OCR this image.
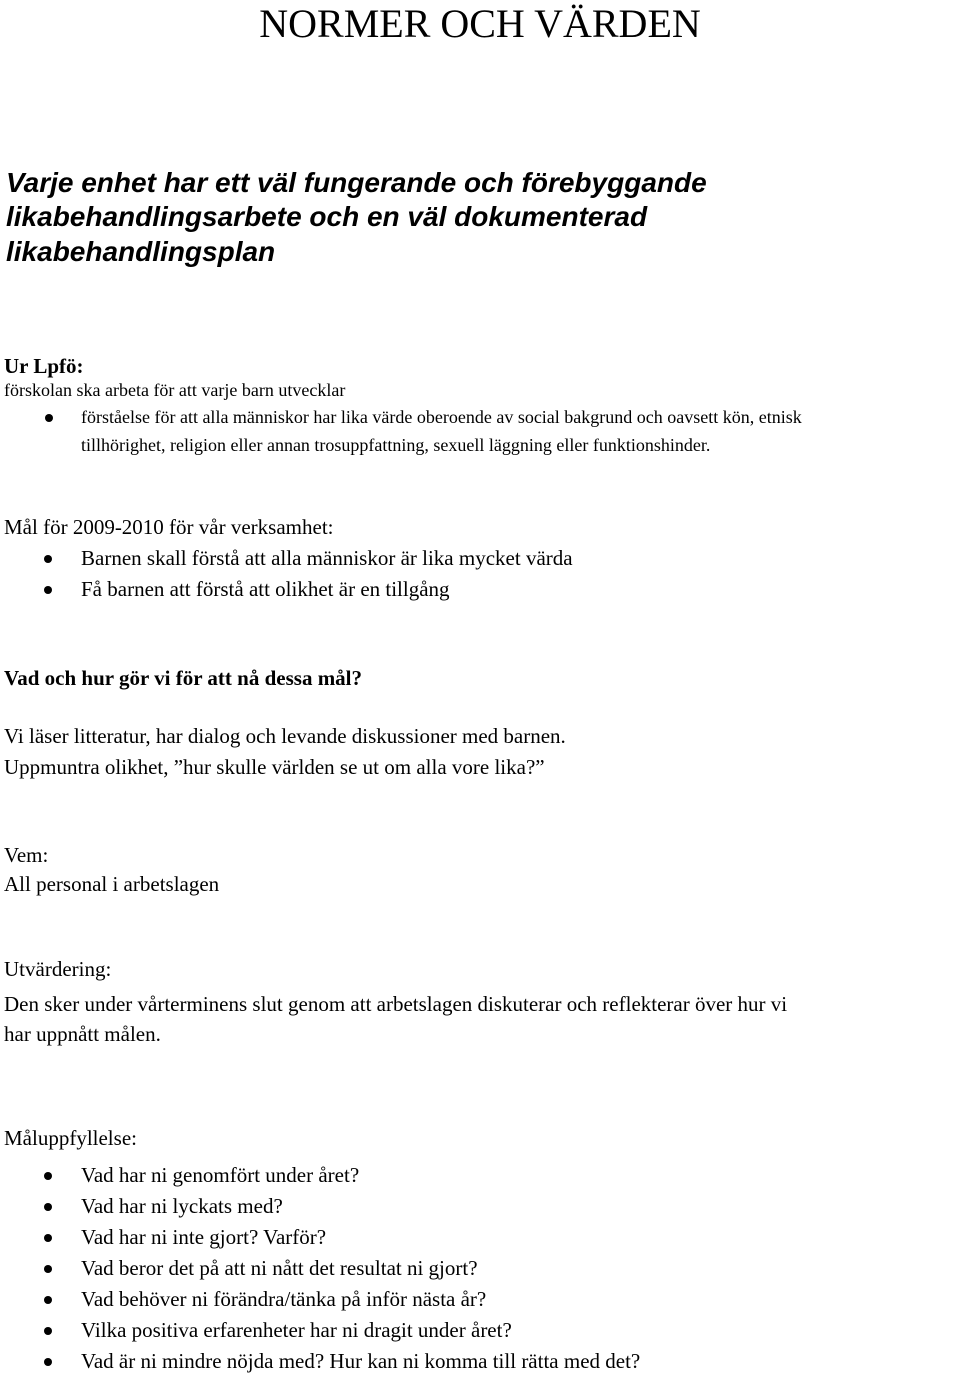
NORMER OCH VÄRDEN

Varje enhet har ett väl fungerande och förebyggande

likabehandlingsarbete och en väl dokumenterad

likabehandlingsplan

Ur Lpfö:

förskolan ska arbeta för att varje barn utvecklar

förståelse för att alla människor har lika värde oberoende av social bakgrund och oavsett kön, etnisk
tillhörighet, religion eller annan trosuppfattning, sexuell läggning eller funktionshinder.
Mål för 2009-2010 för vår verksamhet:
Barnen skall förstå att alla människor är lika mycket värda
Få barnen att förstå att olikhet är en tillgång
Vad och hur gör vi för att nå dessa mål?

Vi läser litteratur, har dialog och levande diskussioner med barnen.

Uppmuntra olikhet, ”hur skulle världen se ut om alla vore lika?”

Vem:

All personal i arbetslagen

Utvärdering:

Den sker under vårterminens slut genom att arbetslagen diskuterar och reflekterar över hur vi

har uppnått målen.

Måluppfyllelse:
Vad har ni genomfört under året?
Vad har ni lyckats med?
Vad har ni inte gjort? Varför?
Vad beror det på att ni nått det resultat ni gjort?
Vad behöver ni förändra/tänka på inför nästa år?
Vilka positiva erfarenheter har ni dragit under året?
Vad är ni mindre nöjda med? Hur kan ni komma till rätta med det?
